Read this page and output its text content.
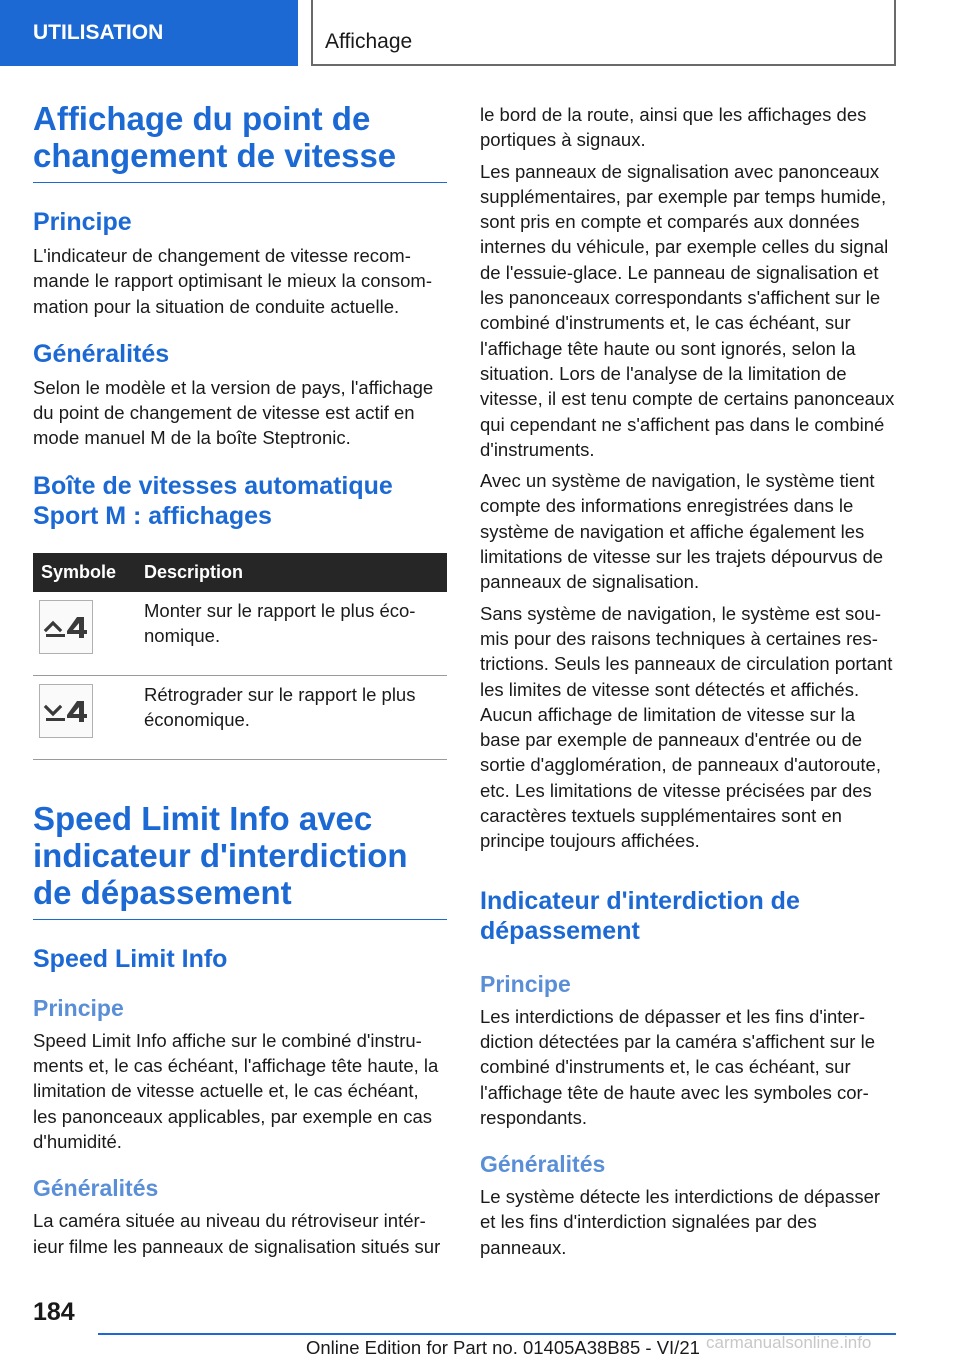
UTILISATION	Affichage
Affichage du point de changement de vitesse
Principe

L'indicateur de changement de vitesse recommande le rapport optimisant le mieux la consommation pour la situation de conduite actuelle.

Généralités

Selon le modèle et la version de pays, l'affichage du point de changement de vitesse est actif en mode manuel M de la boîte Steptronic.

Boîte de vitesses automatique Sport M : affichages
Symbole	Description

	Monter sur le rapport le plus économique.

	Rétrograder sur le rapport le plus économique.
Speed Limit Info avec indicateur d'interdiction de dépassement
Speed Limit Info
Principe

Speed Limit Info affiche sur le combiné d'instruments et, le cas échéant, l'affichage tête haute, la limitation de vitesse actuelle et, le cas échéant, les panonceaux applicables, par exemple en cas d'humidité.

Généralités

La caméra située au niveau du rétroviseur intérieur filme les panneaux de signalisation situés sur

le bord de la route, ainsi que les affichages des portiques à signaux.

Les panneaux de signalisation avec panonceaux supplémentaires, par exemple par temps humide, sont pris en compte et comparés aux données internes du véhicule, par exemple celles du signal de l'essuie-glace. Le panneau de signalisation et les panonceaux correspondants s'affichent sur le combiné d'instruments et, le cas échéant, sur l'affichage tête haute ou sont ignorés, selon la situation. Lors de l'analyse de la limitation de vitesse, il est tenu compte de certains panonceaux qui cependant ne s'affichent pas dans le combiné d'instruments.

Avec un système de navigation, le système tient compte des informations enregistrées dans le système de navigation et affiche également les limitations de vitesse sur les trajets dépourvus de panneaux de signalisation.

Sans système de navigation, le système est soumis pour des raisons techniques à certaines restrictions. Seuls les panneaux de circulation portant les limites de vitesse sont détectés et affichés. Aucun affichage de limitation de vitesse sur la base par exemple de panneaux d'entrée ou de sortie d'agglomération, de panneaux d'autoroute, etc. Les limitations de vitesse précisées par des caractères textuels supplémentaires sont en principe toujours affichées.

Indicateur d'interdiction de dépassement
Principe

Les interdictions de dépasser et les fins d'interdiction détectées par la caméra s'affichent sur le combiné d'instruments et, le cas échéant, sur l'affichage tête de haute avec les symboles correspondants.

Généralités

Le système détecte les interdictions de dépasser et les fins d'interdiction signalées par des panneaux.

184
Online Edition for Part no. 01405A38B85 - VI/21 carmanualsonline.info
